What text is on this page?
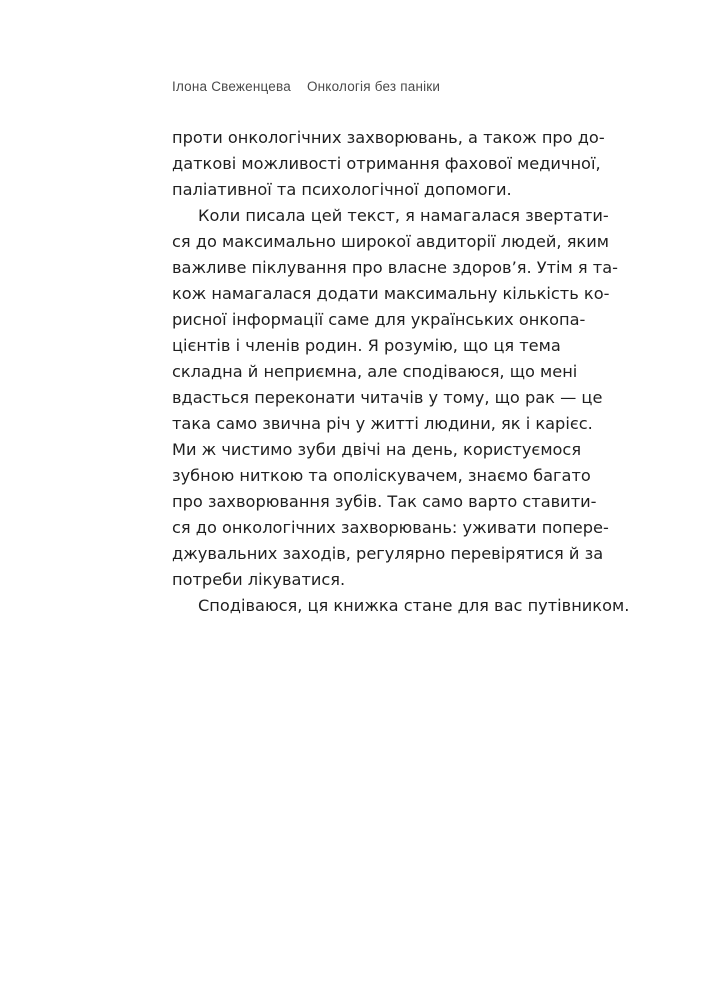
Ілона Свеженцева Онкологія без паніки
проти онкологічних захворювань, а також про до-
даткові можливості отримання фахової медичної,
паліативної та психологічної допомоги.
Коли писала цей текст, я намагалася звертати-
ся до максимально широкої авдиторії людей, яким
важливе піклування про власне здоров’я. Утім я та-
кож намагалася додати максимальну кількість ко-
рисної інформації саме для українських онкопа-
цієнтів і членів родин. Я розумію, що ця тема
складна й неприємна, але сподіваюся, що мені
вдасться переконати читачів у тому, що рак — це
така само звична річ у житті людини, як і карієс.
Ми ж чистимо зуби двічі на день, користуємося
зубною ниткою та ополіскувачем, знаємо багато
про захворювання зубів. Так само варто ставити-
ся до онкологічних захворювань: уживати попере-
джувальних заходів, регулярно перевірятися й за
потреби лікуватися.
Сподіваюся, ця книжка стане для вас путівником.
